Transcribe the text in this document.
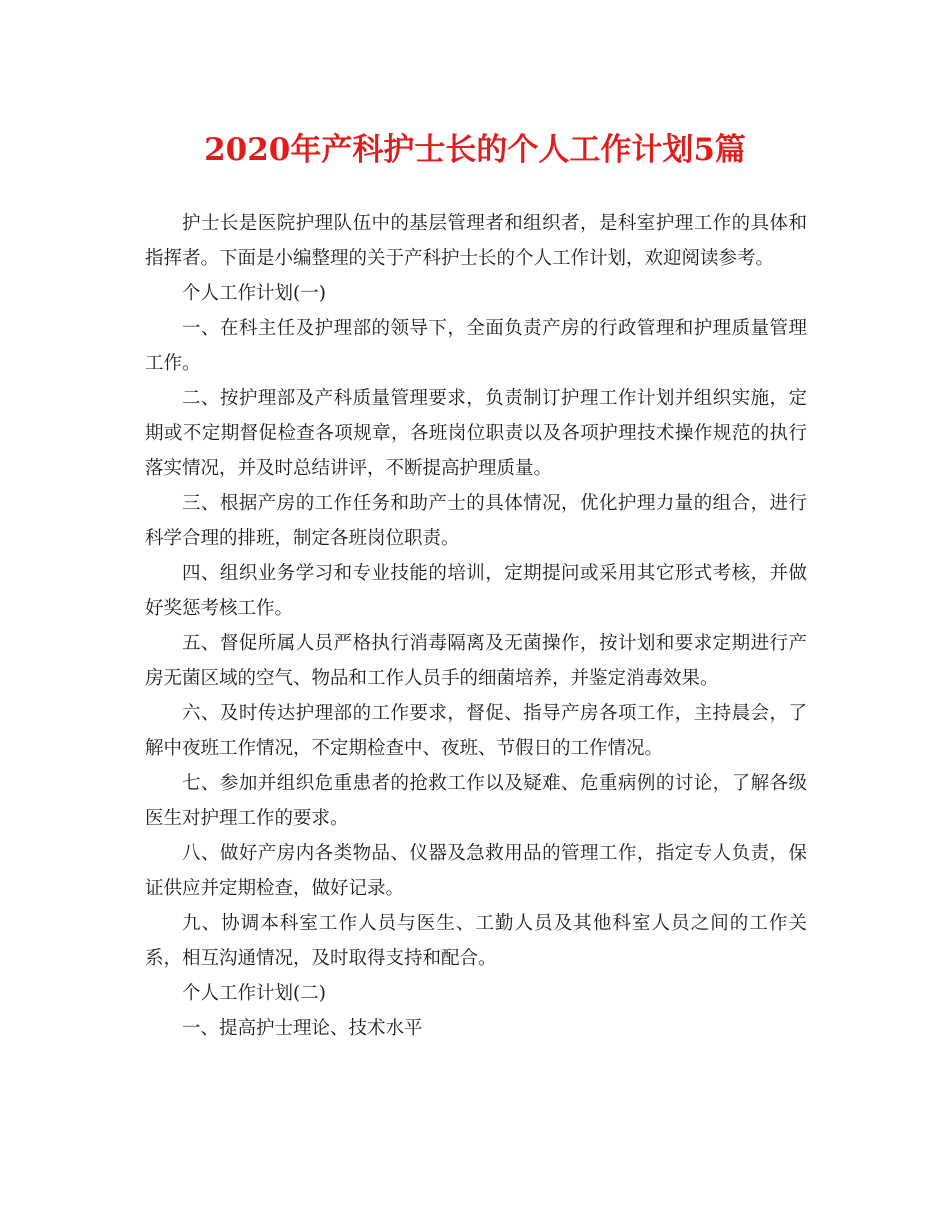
2020年产科护士长的个人工作计划5篇

护士长是医院护理队伍中的基层管理者和组织者，是科室护理工作的具体和指挥者。下面是小编整理的关于产科护士长的个人工作计划，欢迎阅读参考。

个人工作计划(一)

一、在科主任及护理部的领导下，全面负责产房的行政管理和护理质量管理工作。

二、按护理部及产科质量管理要求，负责制订护理工作计划并组织实施，定期或不定期督促检查各项规章，各班岗位职责以及各项护理技术操作规范的执行落实情况，并及时总结讲评，不断提高护理质量。

三、根据产房的工作任务和助产士的具体情况，优化护理力量的组合，进行科学合理的排班，制定各班岗位职责。

四、组织业务学习和专业技能的培训，定期提问或采用其它形式考核，并做好奖惩考核工作。

五、督促所属人员严格执行消毒隔离及无菌操作，按计划和要求定期进行产房无菌区域的空气、物品和工作人员手的细菌培养，并鉴定消毒效果。

六、及时传达护理部的工作要求，督促、指导产房各项工作，主持晨会，了解中夜班工作情况，不定期检查中、夜班、节假日的工作情况。

七、参加并组织危重患者的抢救工作以及疑难、危重病例的讨论，了解各级医生对护理工作的要求。

八、做好产房内各类物品、仪器及急救用品的管理工作，指定专人负责，保证供应并定期检查，做好记录。

九、协调本科室工作人员与医生、工勤人员及其他科室人员之间的工作关系，相互沟通情况，及时取得支持和配合。

个人工作计划(二)

一、提高护士理论、技术水平
